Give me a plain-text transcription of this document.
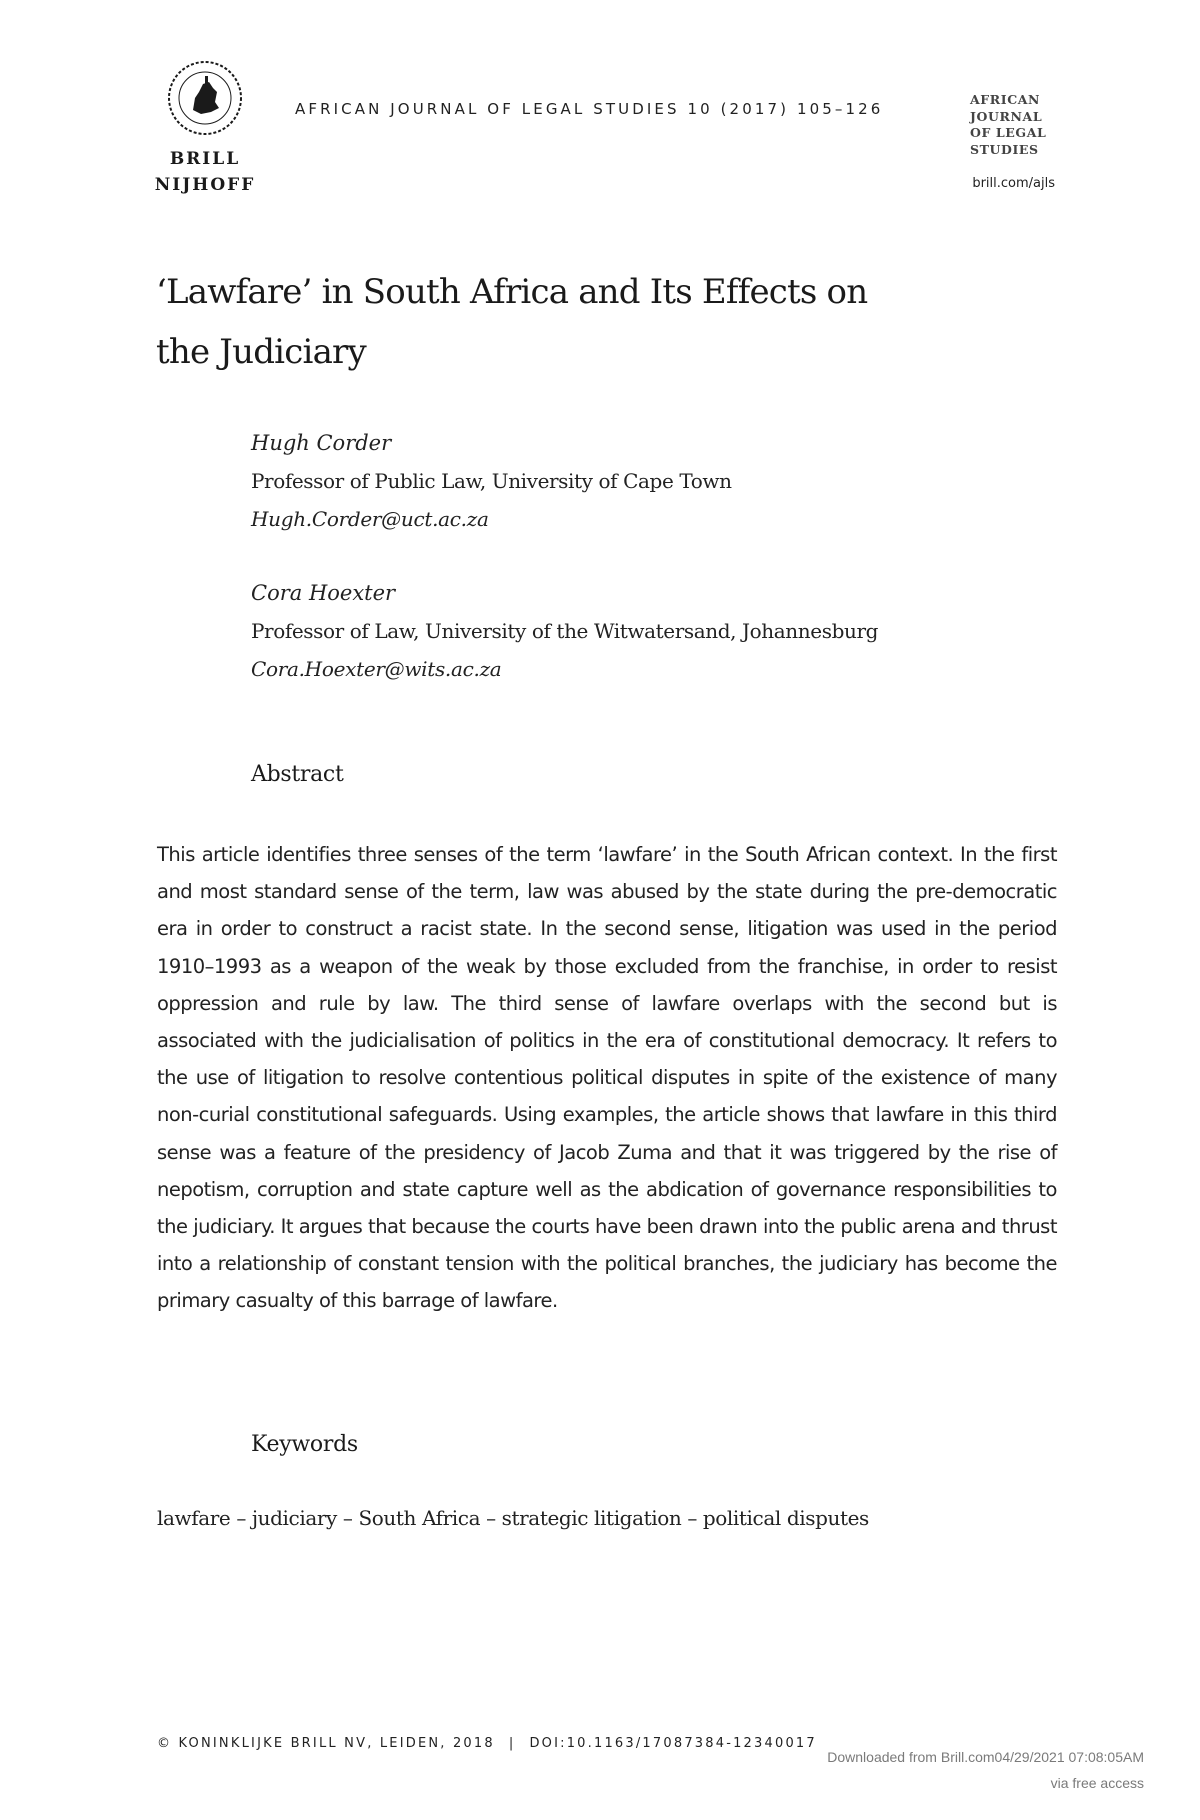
BRILL
NIJHOFF
AFRICAN JOURNAL OF LEGAL STUDIES 10 (2017) 105–126
AFRICAN
JOURNAL
OF LEGAL
STUDIES
brill.com/ajls
‘Lawfare’ in South Africa and Its Effects on
the Judiciary
Hugh Corder
Professor of Public Law, University of Cape Town
Hugh.Corder@uct.ac.za
Cora Hoexter
Professor of Law, University of the Witwatersand, Johannesburg
Cora.Hoexter@wits.ac.za
Abstract
This article identifies three senses of the term ‘lawfare’ in the South African context. In the first and most standard sense of the term, law was abused by the state during the pre-democratic era in order to construct a racist state. In the second sense, litigation was used in the period 1910–1993 as a weapon of the weak by those excluded from the franchise, in order to resist oppression and rule by law. The third sense of lawfare overlaps with the second but is associated with the judicialisation of politics in the era of constitutional democracy. It refers to the use of litigation to resolve contentious political disputes in spite of the existence of many non-curial constitutional safeguards. Using examples, the article shows that lawfare in this third sense was a feature of the presidency of Jacob Zuma and that it was triggered by the rise of nepotism, corruption and state capture well as the abdication of governance responsibilities to the judiciary. It argues that because the courts have been drawn into the public arena and thrust into a relationship of constant tension with the political branches, the judiciary has become the primary casualty of this barrage of lawfare.
Keywords
lawfare – judiciary – South Africa – strategic litigation – political disputes
© KONINKLIJKE BRILL NV, LEIDEN, 2018 | DOI:10.1163/17087384-12340017
Downloaded from Brill.com04/29/2021 07:08:05AM
via free access
